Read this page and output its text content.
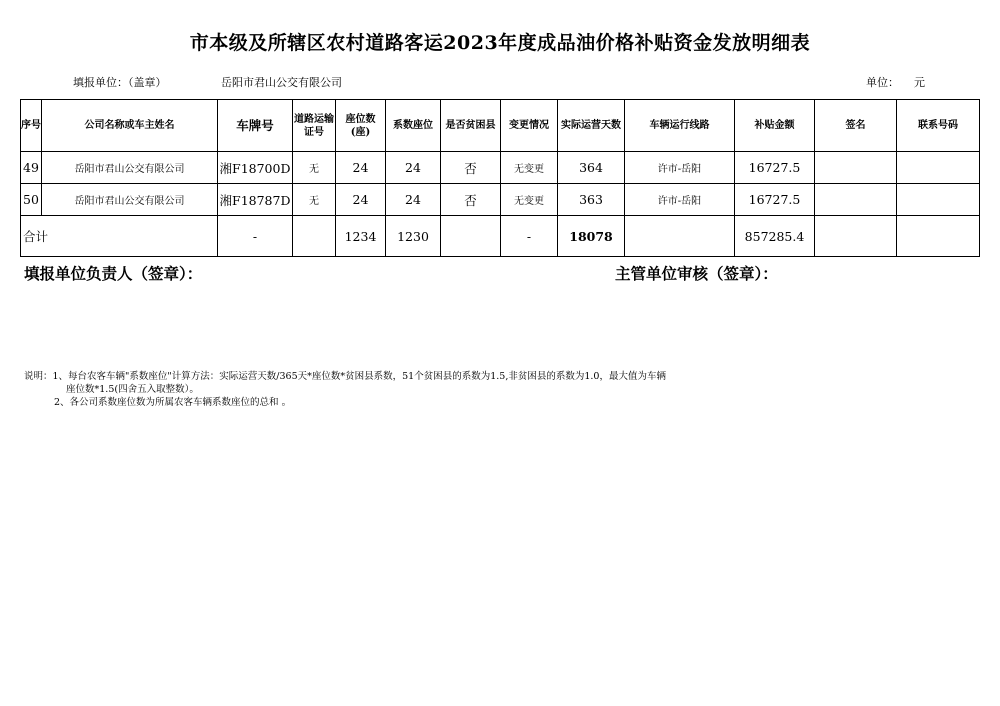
市本级及所辖区农村道路客运2023年度成品油价格补贴资金发放明细表
填报单位：（盖章）	岳阳市君山公交有限公司	单位： 元
序号	公司名称或车主姓名	车牌号	道路运输证号	座位数(座)	系数座位	是否贫困县	变更情况	实际运营天数	车辆运行线路	补贴金额	签名	联系号码
49	岳阳市君山公交有限公司	湘F18700D	无	24	24	否	无变更	364	许市-岳阳	16727.5		
50	岳阳市君山公交有限公司	湘F18787D	无	24	24	否	无变更	363	许市-岳阳	16727.5		
合计		-		1234	1230		-	18078		857285.4		
填报单位负责人（签章）：	主管单位审核（签章）：
说明：1、每台农客车辆"系数座位"计算方法：实际运营天数/365天*座位数*贫困县系数，51个贫困县的系数为1.5,非贫困县的系数为1.0，最大值为车辆
座位数*1.5(四舍五入取整数）。
2、各公司系数座位数为所属农客车辆系数座位的总和 。
